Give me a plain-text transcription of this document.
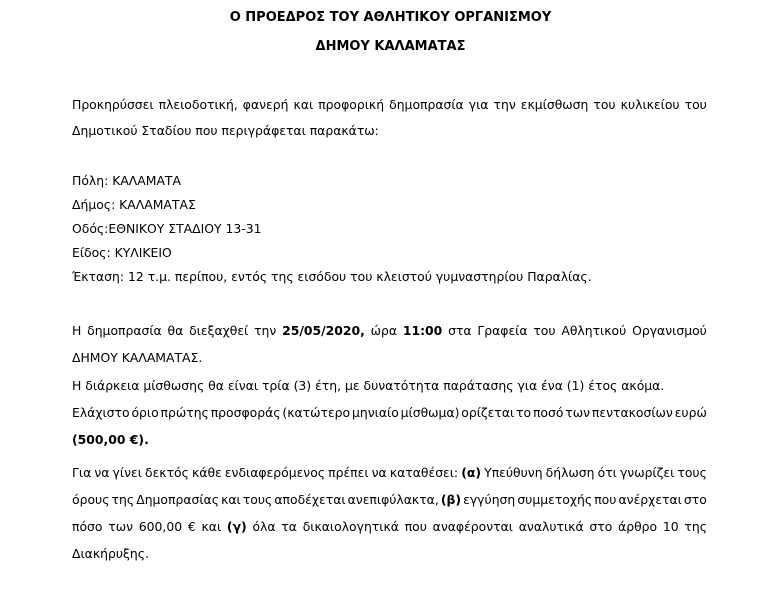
Ο ΠΡΟΕΔΡΟΣ ΤΟΥ ΑΘΛΗΤΙΚΟΥ ΟΡΓΑΝΙΣΜΟΥ
ΔΗΜΟΥ ΚΑΛΑΜΑΤΑΣ
Προκηρύσσει πλειοδοτική, φανερή και προφορική δημοπρασία για την εκμίσθωση του κυλικείου του
Δημοτικού Σταδίου που περιγράφεται παρακάτω:
Πόλη: ΚΑΛΑΜΑΤΑ
Δήμος: ΚΑΛΑΜΑΤΑΣ
Οδός:ΕΘΝΙΚΟΥ ΣΤΑΔΙΟΥ 13-31
Είδος: ΚΥΛΙΚΕΙΟ
Έκταση: 12 τ.μ. περίπου, εντός της εισόδου του κλειστού γυμναστηρίου Παραλίας.
Η δημοπρασία θα διεξαχθεί την 25/05/2020, ώρα 11:00 στα Γραφεία του Αθλητικού Οργανισμού
ΔΗΜΟΥ ΚΑΛΑΜΑΤΑΣ.
Η διάρκεια μίσθωσης θα είναι τρία (3) έτη, με δυνατότητα παράτασης για ένα (1) έτος ακόμα.
Ελάχιστο όριο πρώτης προσφοράς (κατώτερο μηνιαίο μίσθωμα) ορίζεται το ποσό των πεντακοσίων ευρώ
(500,00 €).
Για να γίνει δεκτός κάθε ενδιαφερόμενος πρέπει να καταθέσει: (α) Υπεύθυνη δήλωση ότι γνωρίζει τους
όρους της Δημοπρασίας και τους αποδέχεται ανεπιφύλακτα, (β) εγγύηση συμμετοχής που ανέρχεται στο
πόσο των 600,00 € και (γ) όλα τα δικαιολογητικά που αναφέρονται αναλυτικά στο άρθρο 10 της
Διακήρυξης.
